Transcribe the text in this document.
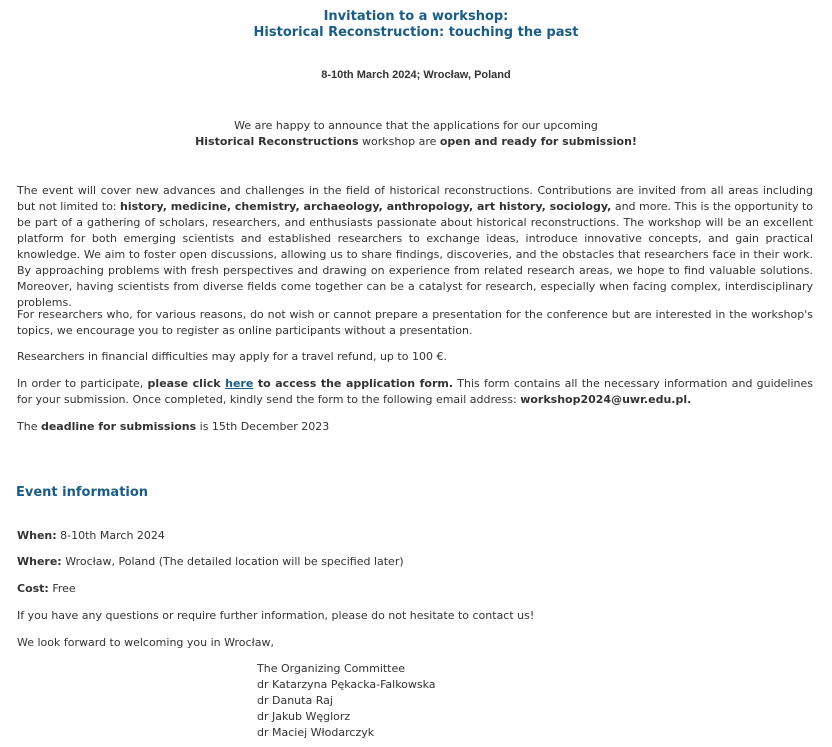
Invitation to a workshop:
Historical Reconstruction: touching the past
8-10th March 2024; Wrocław, Poland
We are happy to announce that the applications for our upcoming
Historical Reconstructions workshop are open and ready for submission!

The event will cover new advances and challenges in the field of historical reconstructions. Contributions are invited from all areas including but not limited to: history, medicine, chemistry, archaeology, anthropology, art history, sociology, and more. This is the opportunity to be part of a gathering of scholars, researchers, and enthusiasts passionate about historical reconstructions. The workshop will be an excellent platform for both emerging scientists and established researchers to exchange ideas, introduce innovative concepts, and gain practical knowledge. We aim to foster open discussions, allowing us to share findings, discoveries, and the obstacles that researchers face in their work. By approaching problems with fresh perspectives and drawing on experience from related research areas, we hope to find valuable solutions. Moreover, having scientists from diverse fields come together can be a catalyst for research, especially when facing complex, interdisciplinary problems.

For researchers who, for various reasons, do not wish or cannot prepare a presentation for the conference but are interested in the workshop's topics, we encourage you to register as online participants without a presentation.

Researchers in financial difficulties may apply for a travel refund, up to 100 €.

In order to participate, please click here to access the application form. This form contains all the necessary information and guidelines for your submission. Once completed, kindly send the form to the following email address: workshop2024@uwr.edu.pl.

The deadline for submissions is 15th December 2023

Event information
When: 8-10th March 2024
Where: Wrocław, Poland (The detailed location will be specified later)
Cost: Free
If you have any questions or require further information, please do not hesitate to contact us!
We look forward to welcoming you in Wrocław,
The Organizing Committee
dr Katarzyna Pękacka-Falkowska
dr Danuta Raj
dr Jakub Węglorz
dr Maciej Włodarczyk
